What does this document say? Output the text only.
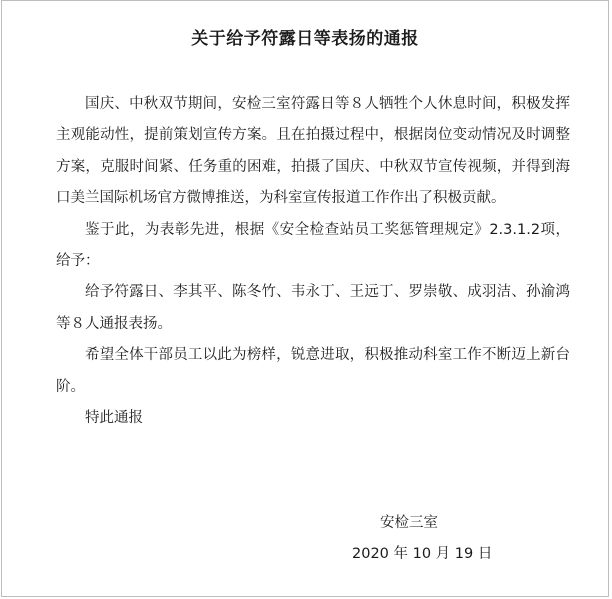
关于给予符露日等表扬的通报

国庆、中秋双节期间，安检三室符露日等８人牺牲个人休息时间，积极发挥主观能动性，提前策划宣传方案。且在拍摄过程中，根据岗位变动情况及时调整方案，克服时间紧、任务重的困难，拍摄了国庆、中秋双节宣传视频，并得到海口美兰国际机场官方微博推送，为科室宣传报道工作作出了积极贡献。

鉴于此，为表彰先进，根据《安全检查站员工奖惩管理规定》2.3.1.2项，给予：

给予符露日、李其平、陈冬竹、韦永丁、王远丁、罗崇敬、成羽洁、孙渝鸿等８人通报表扬。

希望全体干部员工以此为榜样，锐意进取，积极推动科室工作不断迈上新台阶。

特此通报

安检三室
2020 年 10 月 19 日
